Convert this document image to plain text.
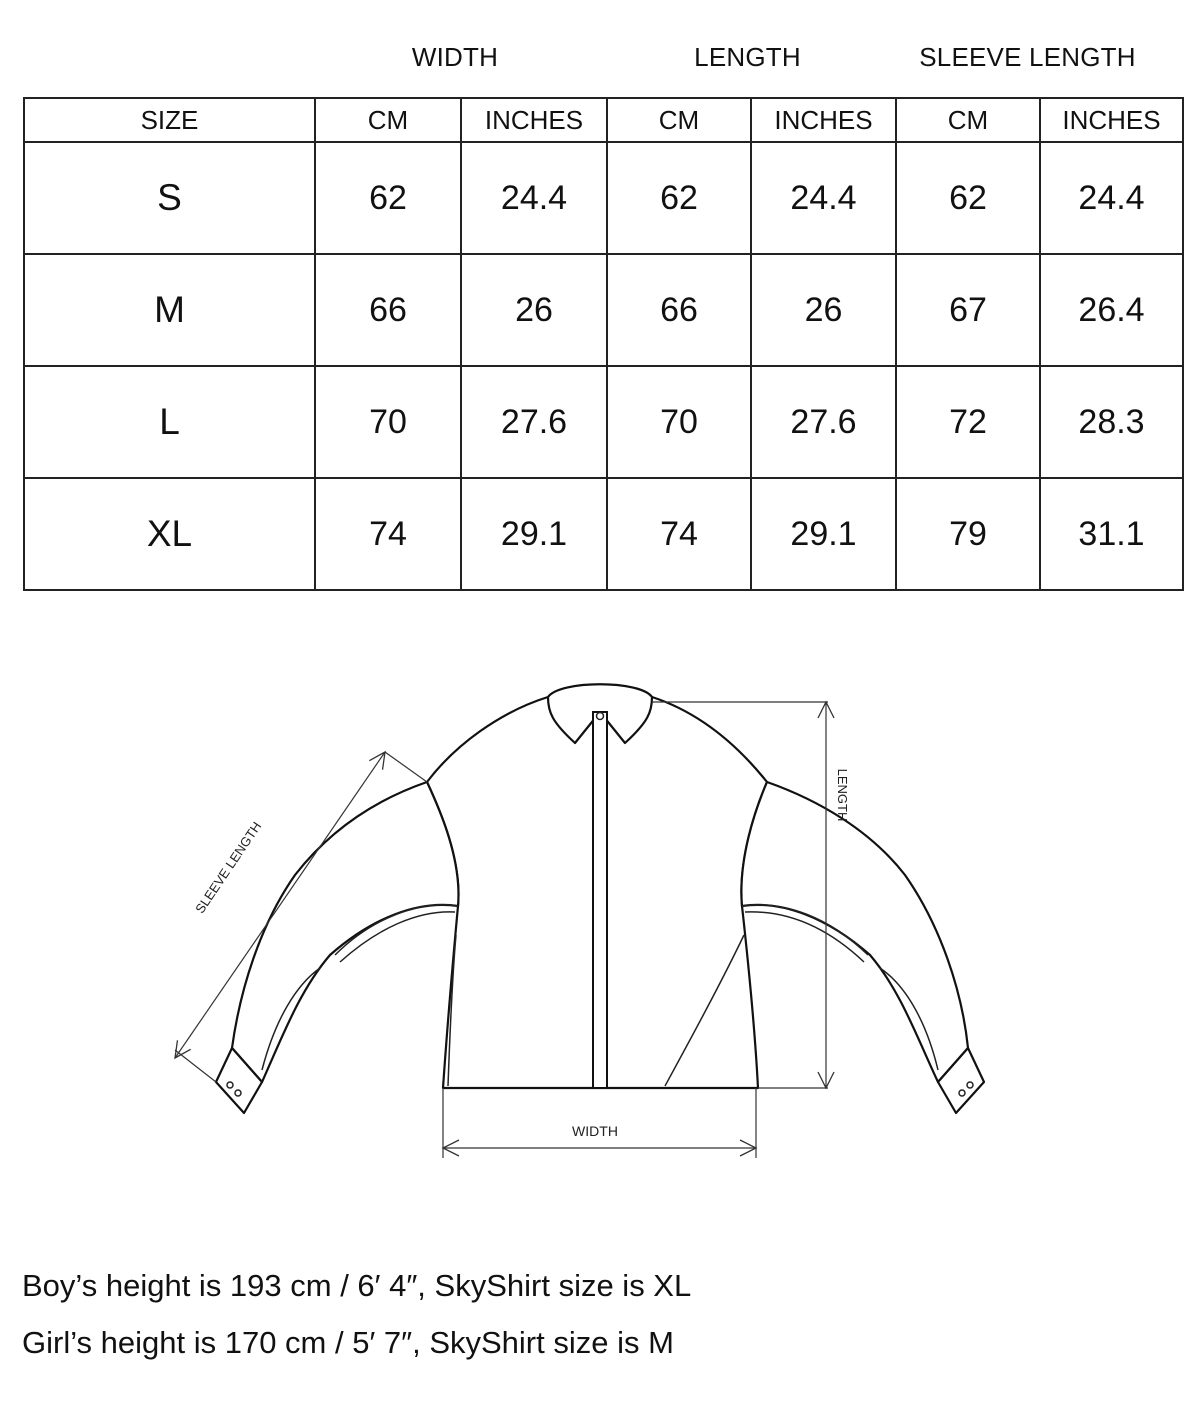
WIDTH	LENGTH	SLEEVE LENGTH
SIZE	CM	INCHES	CM	INCHES	CM	INCHES
S	62	24.4	62	24.4	62	24.4
M	66	26	66	26	67	26.4
L	70	27.6	70	27.6	72	28.3
XL	74	29.1	74	29.1	79	31.1
SLEEVE LENGTH
LENGTH
WIDTH
Boy’s height is 193 cm / 6′ 4″, SkyShirt size is XL
Girl’s height is 170 cm / 5′ 7″, SkyShirt size is M
